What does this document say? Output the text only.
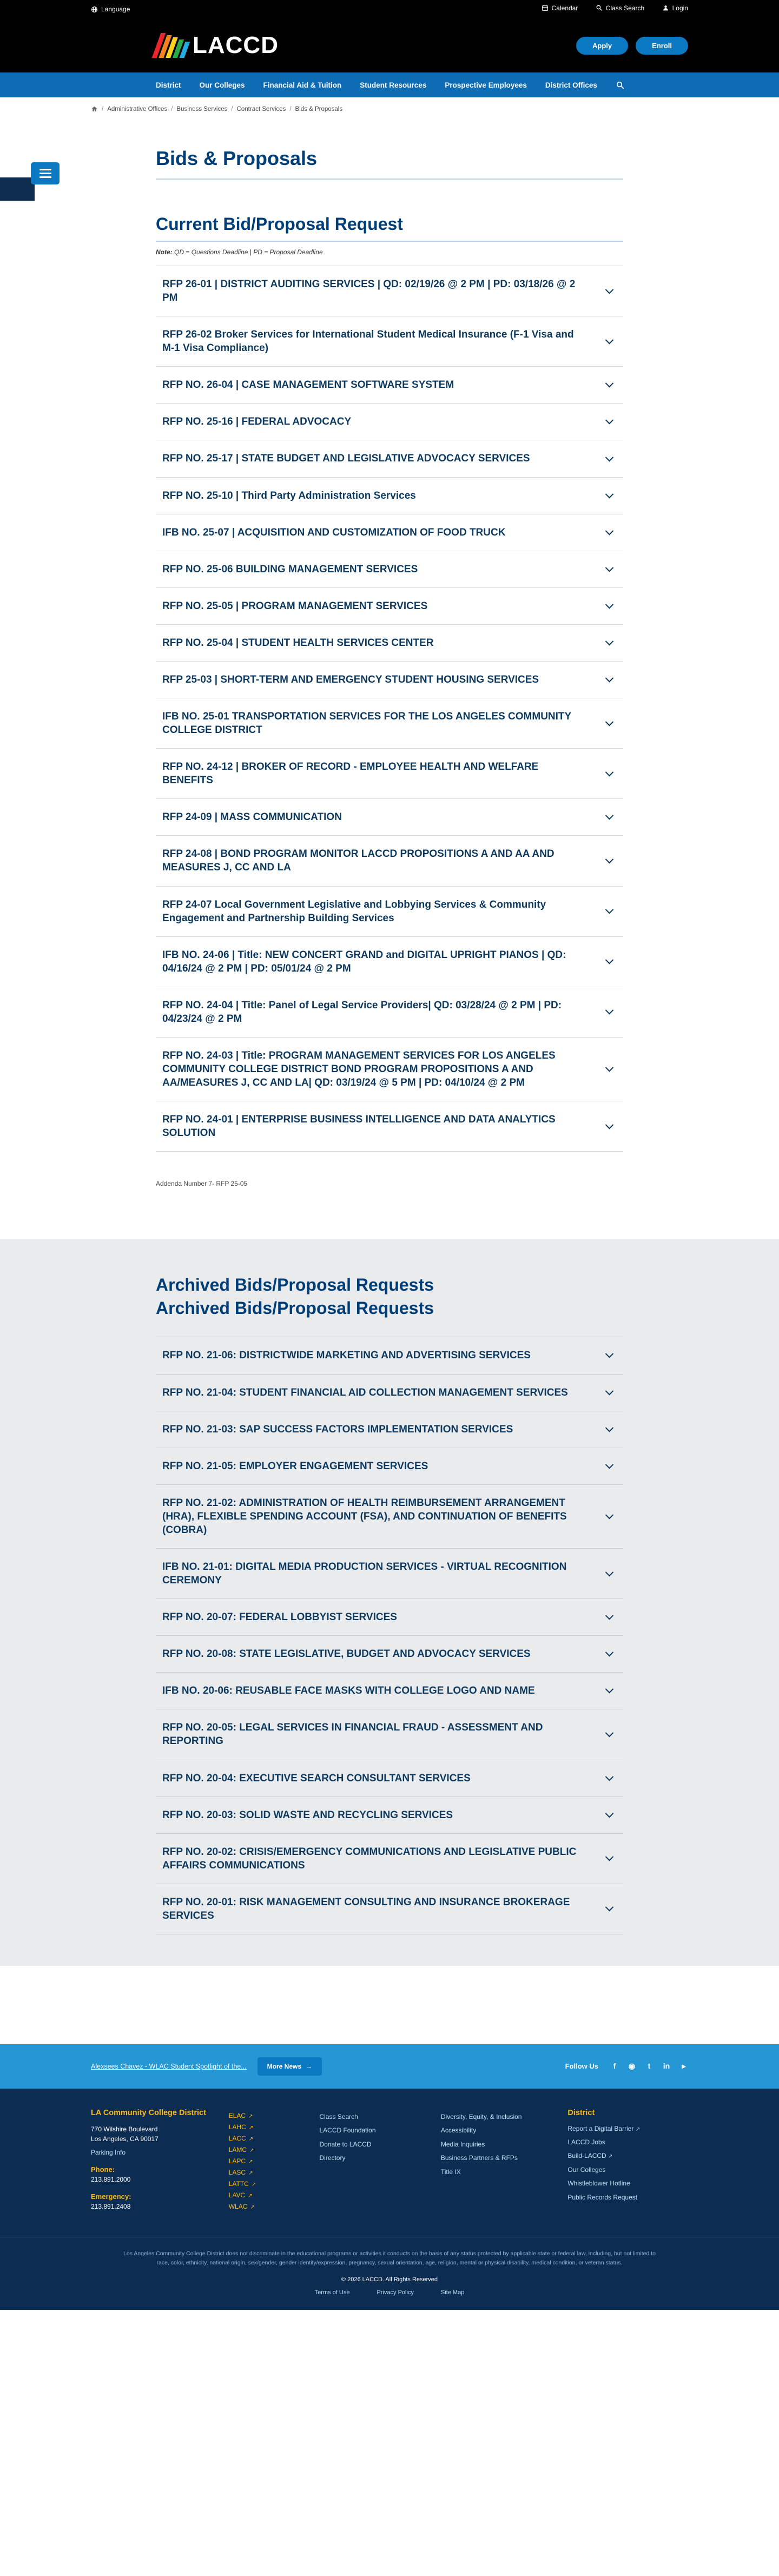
Language	Calendar
	Class Search
	Login
LACCD	Apply	Enroll
District	Our Colleges	Financial Aid & Tuition	Student Resources	Prospective Employees	District Offices
/ Administrative Offices / Business Services / Contract Services / Bids & Proposals
Bids & Proposals
Current Bid/Proposal Request

Note: QD = Questions Deadline | PD = Proposal Deadline

RFP 26-01 | DISTRICT AUDITING SERVICES | QD: 02/19/26 @ 2 PM | PD: 03/18/26 @ 2 PM
RFP 26-02 Broker Services for International Student Medical Insurance (F-1 Visa and M-1 Visa Compliance)
RFP NO. 26-04 | CASE MANAGEMENT SOFTWARE SYSTEM
RFP NO. 25-16 | FEDERAL ADVOCACY
RFP NO. 25-17 | STATE BUDGET AND LEGISLATIVE ADVOCACY SERVICES
RFP NO. 25-10 | Third Party Administration Services
IFB NO. 25-07 | ACQUISITION AND CUSTOMIZATION OF FOOD TRUCK
RFP NO. 25-06 BUILDING MANAGEMENT SERVICES
RFP NO. 25-05 | PROGRAM MANAGEMENT SERVICES
RFP NO. 25-04 | STUDENT HEALTH SERVICES CENTER
RFP 25-03 | SHORT-TERM AND EMERGENCY STUDENT HOUSING SERVICES
IFB NO. 25-01 TRANSPORTATION SERVICES FOR THE LOS ANGELES COMMUNITY COLLEGE DISTRICT
RFP NO. 24-12 | BROKER OF RECORD - EMPLOYEE HEALTH AND WELFARE BENEFITS
RFP 24-09 | MASS COMMUNICATION
RFP 24-08 | BOND PROGRAM MONITOR LACCD PROPOSITIONS A AND AA AND MEASURES J, CC AND LA
RFP 24-07 Local Government Legislative and Lobbying Services & Community Engagement and Partnership Building Services
IFB NO. 24-06 | Title: NEW CONCERT GRAND and DIGITAL UPRIGHT PIANOS | QD: 04/16/24 @ 2 PM | PD: 05/01/24 @ 2 PM
RFP NO. 24-04 | Title: Panel of Legal Service Providers| QD: 03/28/24 @ 2 PM | PD: 04/23/24 @ 2 PM
RFP NO. 24-03 | Title: PROGRAM MANAGEMENT SERVICES FOR LOS ANGELES COMMUNITY COLLEGE DISTRICT BOND PROGRAM PROPOSITIONS A AND AA/MEASURES J, CC AND LA| QD: 03/19/24 @ 5 PM | PD: 04/10/24 @ 2 PM
RFP NO. 24-01 | ENTERPRISE BUSINESS INTELLIGENCE AND DATA ANALYTICS SOLUTION

Addenda Number 7- RFP 25-05

Archived Bids/Proposal Requests
Archived Bids/Proposal Requests
RFP NO. 21-06: DISTRICTWIDE MARKETING AND ADVERTISING SERVICES
RFP NO. 21-04: STUDENT FINANCIAL AID COLLECTION MANAGEMENT SERVICES
RFP NO. 21-03: SAP SUCCESS FACTORS IMPLEMENTATION SERVICES
RFP NO. 21-05: EMPLOYER ENGAGEMENT SERVICES
RFP NO. 21-02: ADMINISTRATION OF HEALTH REIMBURSEMENT ARRANGEMENT (HRA), FLEXIBLE SPENDING ACCOUNT (FSA), AND CONTINUATION OF BENEFITS (COBRA)
IFB NO. 21-01: DIGITAL MEDIA PRODUCTION SERVICES - VIRTUAL RECOGNITION CEREMONY
RFP NO. 20-07: FEDERAL LOBBYIST SERVICES
RFP NO. 20-08: STATE LEGISLATIVE, BUDGET AND ADVOCACY SERVICES
IFB NO. 20-06: REUSABLE FACE MASKS WITH COLLEGE LOGO AND NAME
RFP NO. 20-05: LEGAL SERVICES IN FINANCIAL FRAUD - ASSESSMENT AND REPORTING
RFP NO. 20-04: EXECUTIVE SEARCH CONSULTANT SERVICES
RFP NO. 20-03: SOLID WASTE AND RECYCLING SERVICES
RFP NO. 20-02: CRISIS/EMERGENCY COMMUNICATIONS AND LEGISLATIVE PUBLIC AFFAIRS COMMUNICATIONS
RFP NO. 20-01: RISK MANAGEMENT CONSULTING AND INSURANCE BROKERAGE SERVICES
Alexsees Chavez - WLAC Student Spotlight of the...	More News →	Follow Us	f	◉	t	in	▸

LA Community College District

770 Wilshire Boulevard

Los Angeles, CA 90017

Parking Info

Phone:

213.891.2000

Emergency:

213.891.2408

ELAC ↗
LAHC ↗
LACC ↗
LAMC ↗
LAPC ↗
LASC ↗
LATTC ↗
LAVC ↗
WLAC ↗
Class Search
LACCD Foundation
Donate to LACCD
Directory
Diversity, Equity, & Inclusion
Accessibility
Media Inquiries
Business Partners & RFPs
Title IX

District

Report a Digital Barrier ↗
LACCD Jobs
Build-LACCD ↗
Our Colleges
Whistleblower Hotline
Public Records Request

Los Angeles Community College District does not discriminate in the educational programs or activities it conducts on the basis of any status protected by applicable state or federal law, including, but not limited to race, color, ethnicity, national origin, sex/gender, gender identity/expression, pregnancy, sexual orientation, age, religion, mental or physical disability, medical condition, or veteran status.

© 2026 LACCD. All Rights Reserved

Terms of Use	Privacy Policy	Site Map
